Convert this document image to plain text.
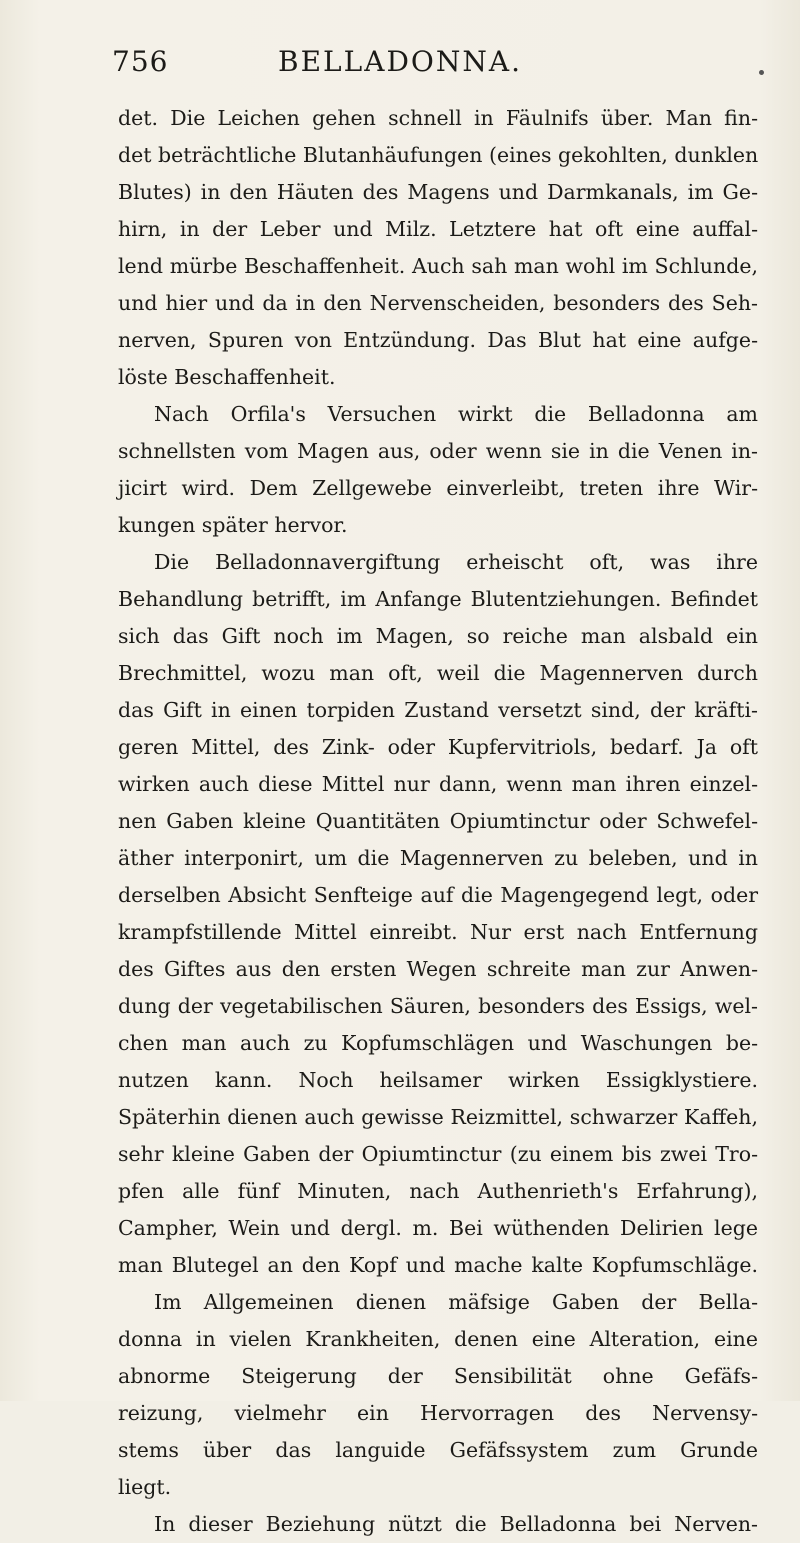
756	BELLADONNA.
det. Die Leichen gehen schnell in Fäulnifs über. Man fin-
det beträchtliche Blutanhäufungen (eines gekohlten, dunklen
Blutes) in den Häuten des Magens und Darmkanals, im Ge-
hirn, in der Leber und Milz. Letztere hat oft eine auffal-
lend mürbe Beschaffenheit. Auch sah man wohl im Schlunde,
und hier und da in den Nervenscheiden, besonders des Seh-
nerven, Spuren von Entzündung. Das Blut hat eine aufge-
löste Beschaffenheit.
Nach Orfila's Versuchen wirkt die Belladonna am
schnellsten vom Magen aus, oder wenn sie in die Venen in-
jicirt wird. Dem Zellgewebe einverleibt, treten ihre Wir-
kungen später hervor.
Die Belladonnavergiftung erheischt oft, was ihre
Behandlung betrifft, im Anfange Blutentziehungen. Befindet
sich das Gift noch im Magen, so reiche man alsbald ein
Brechmittel, wozu man oft, weil die Magennerven durch
das Gift in einen torpiden Zustand versetzt sind, der kräfti-
geren Mittel, des Zink- oder Kupfervitriols, bedarf. Ja oft
wirken auch diese Mittel nur dann, wenn man ihren einzel-
nen Gaben kleine Quantitäten Opiumtinctur oder Schwefel-
äther interponirt, um die Magennerven zu beleben, und in
derselben Absicht Senfteige auf die Magengegend legt, oder
krampfstillende Mittel einreibt. Nur erst nach Entfernung
des Giftes aus den ersten Wegen schreite man zur Anwen-
dung der vegetabilischen Säuren, besonders des Essigs, wel-
chen man auch zu Kopfumschlägen und Waschungen be-
nutzen kann. Noch heilsamer wirken Essigklystiere.
Späterhin dienen auch gewisse Reizmittel, schwarzer Kaffeh,
sehr kleine Gaben der Opiumtinctur (zu einem bis zwei Tro-
pfen alle fünf Minuten, nach Authenrieth's Erfahrung),
Campher, Wein und dergl. m. Bei wüthenden Delirien lege
man Blutegel an den Kopf und mache kalte Kopfumschläge.
Im Allgemeinen dienen mäfsige Gaben der Bella-
donna in vielen Krankheiten, denen eine Alteration, eine
abnorme Steigerung der Sensibilität ohne Gefäfs-
reizung, vielmehr ein Hervorragen des Nervensy-
stems über das languide Gefäfssystem zum Grunde
liegt.
In dieser Beziehung nützt die Belladonna bei Nerven-
